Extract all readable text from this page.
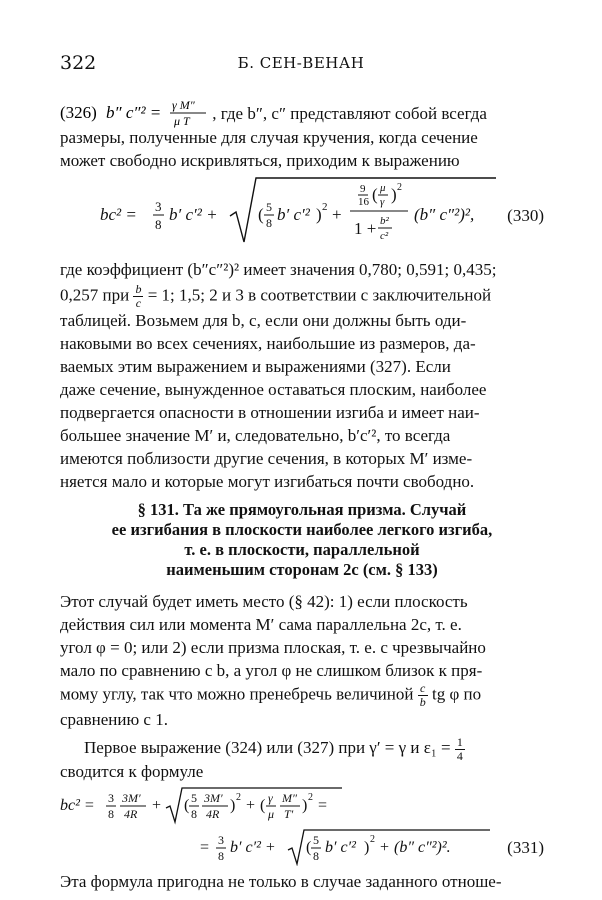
322	Б. СЕН-ВЕНАН
(326) b″ c″² = γ M″
μ T , где b″, c″ представляют собой всегда
размеры, полученные для случая кручения, когда сечение
может свободно искривляться, приходим к выражению
bc² = 3
8
b′ c′² + ( 5
8 b′ c′² ) 2 +
9
16 ( μ
γ ) 2
1 + b²
c²
(b″ c″²)², (330)
где коэффициент (b″c″²)² имеет значения 0,780; 0,591; 0,435;
0,257 при $\frac{b}{c} = 1$; 1,5; 2 и 3 в соответствии с заключительной
таблицей. Возьмем для b, c, если они должны быть оди-
наковыми во всех сечениях, наибольшие из размеров, да-
ваемых этим выражением и выражениями (327). Если
даже сечение, вынужденное оставаться плоским, наиболее
подвергается опасности в отношении изгиба и имеет наи-
большее значение M′ и, следовательно, b′c′², то всегда
имеются поблизости другие сечения, в которых M′ изме-
няется мало и которые могут изгибаться почти свободно.
§ 131. Та же прямоугольная призма. Случай
ее изгибания в плоскости наиболее легкого изгиба,
т. е. в плоскости, параллельной
наименьшим сторонам 2c (см. § 133)
Этот случай будет иметь место (§ 42): 1) если плоскость
действия сил или момента M′ сама параллельна 2c, т. е.
угол φ = 0; или 2) если призма плоская, т. е. c чрезвычайно
мало по сравнению с b, а угол φ не слишком близок к пря-
мому углу, так что можно пренебречь величиной $\frac{c}{b}$ tg φ по
сравнению с 1.
Первое выражение (324) или (327) при γ′ = γ и $\varepsilon_1 = \frac{1}{4}$
сводится к формуле
bc² = 3
8
3M′
4R + ( 5
8
3M′
4R ) 2 + ( γ
μ
M″
T′ ) 2 =
= 3
8 b′ c′² + ( 5
8 b′ c′² ) 2 + (b″ c″²)².	(331)
Эта формула пригодна не только в случае заданного отноше-
